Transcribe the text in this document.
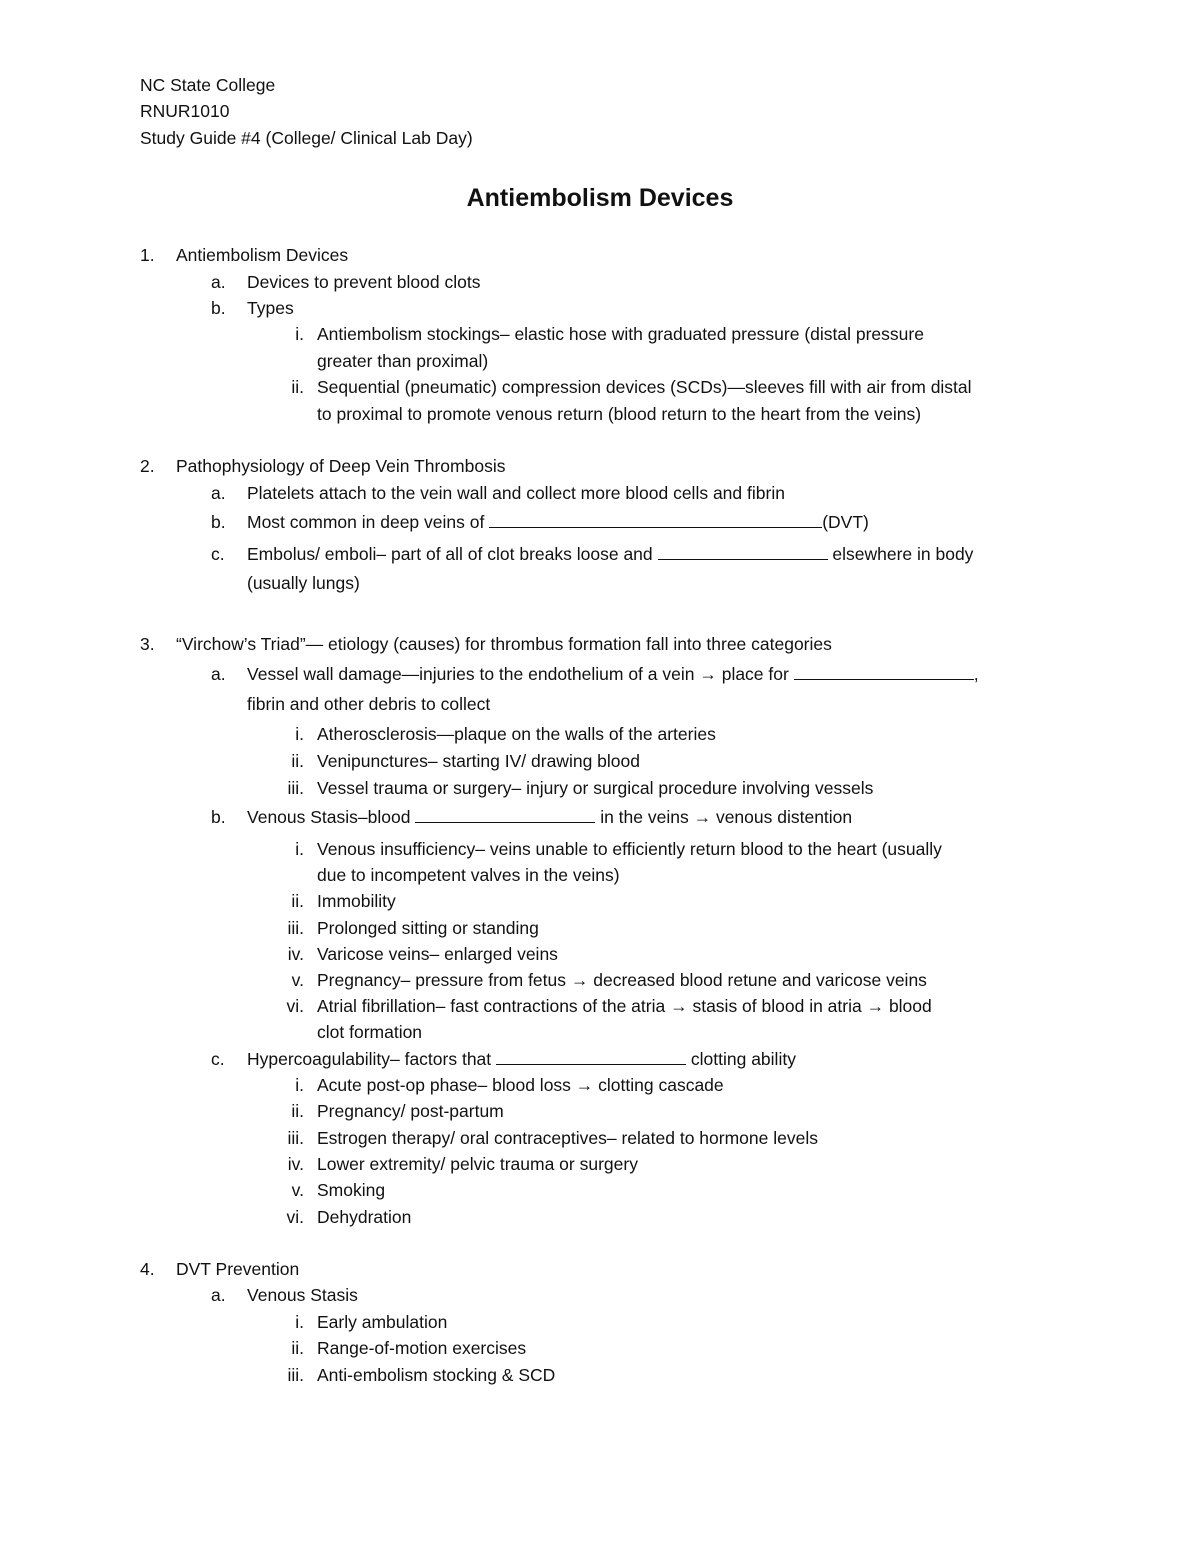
NC State College
RNUR1010
Study Guide #4 (College/ Clinical Lab Day)
Antiembolism Devices
1. Antiembolism Devices
a. Devices to prevent blood clots
b. Types
i. Antiembolism stockings– elastic hose with graduated pressure (distal pressure
greater than proximal)
ii. Sequential (pneumatic) compression devices (SCDs)—sleeves fill with air from distal
to proximal to promote venous return (blood return to the heart from the veins)
2. Pathophysiology of Deep Vein Thrombosis
a. Platelets attach to the vein wall and collect more blood cells and fibrin
b. Most common in deep veins of	(DVT)
c. Embolus/ emboli– part of all of clot breaks loose and	elsewhere in body
(usually lungs)
3. “Virchow’s Triad”— etiology (causes) for thrombus formation fall into three categories
a. Vessel wall damage—injuries to the endothelium of a vein → place for	,
fibrin and other debris to collect
i. Atherosclerosis—plaque on the walls of the arteries
ii. Venipunctures– starting IV/ drawing blood
iii. Vessel trauma or surgery– injury or surgical procedure involving vessels
b. Venous Stasis–blood	in the veins → venous distention
i. Venous insufficiency– veins unable to efficiently return blood to the heart (usually
due to incompetent valves in the veins)
ii. Immobility
iii. Prolonged sitting or standing
iv. Varicose veins– enlarged veins
v. Pregnancy– pressure from fetus → decreased blood retune and varicose veins
vi. Atrial fibrillation– fast contractions of the atria → stasis of blood in atria → blood
clot formation
c. Hypercoagulability– factors that	clotting ability
i. Acute post-op phase– blood loss → clotting cascade
ii. Pregnancy/ post-partum
iii. Estrogen therapy/ oral contraceptives– related to hormone levels
iv. Lower extremity/ pelvic trauma or surgery
v. Smoking
vi. Dehydration
4. DVT Prevention
a. Venous Stasis
i. Early ambulation
ii. Range-of-motion exercises
iii. Anti-embolism stocking & SCD
